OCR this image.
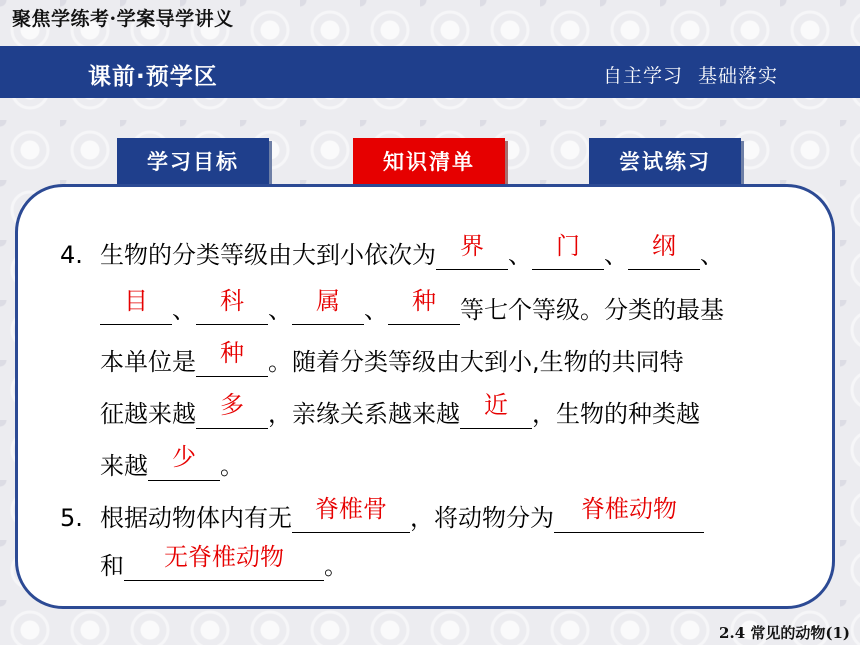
聚焦学练考·学案导学讲义
课前·预学区	自主学习 基础落实
学习目标	知识清单	尝试练习
4. 生物的分类等级由大到小依次为	界	、	门	、	纲	、
目	、	科	、	属	、	种	等七个等级。分类的最基
本单位是	种	。随着分类等级由大到小,生物的共同特
征越来越	多	，亲缘关系越来越	近	，生物的种类越
来越	少	。
5. 根据动物体内有无 脊椎骨 ，将动物分为	脊椎动物
和	无脊椎动物	。
2.4 常见的动物(1)
